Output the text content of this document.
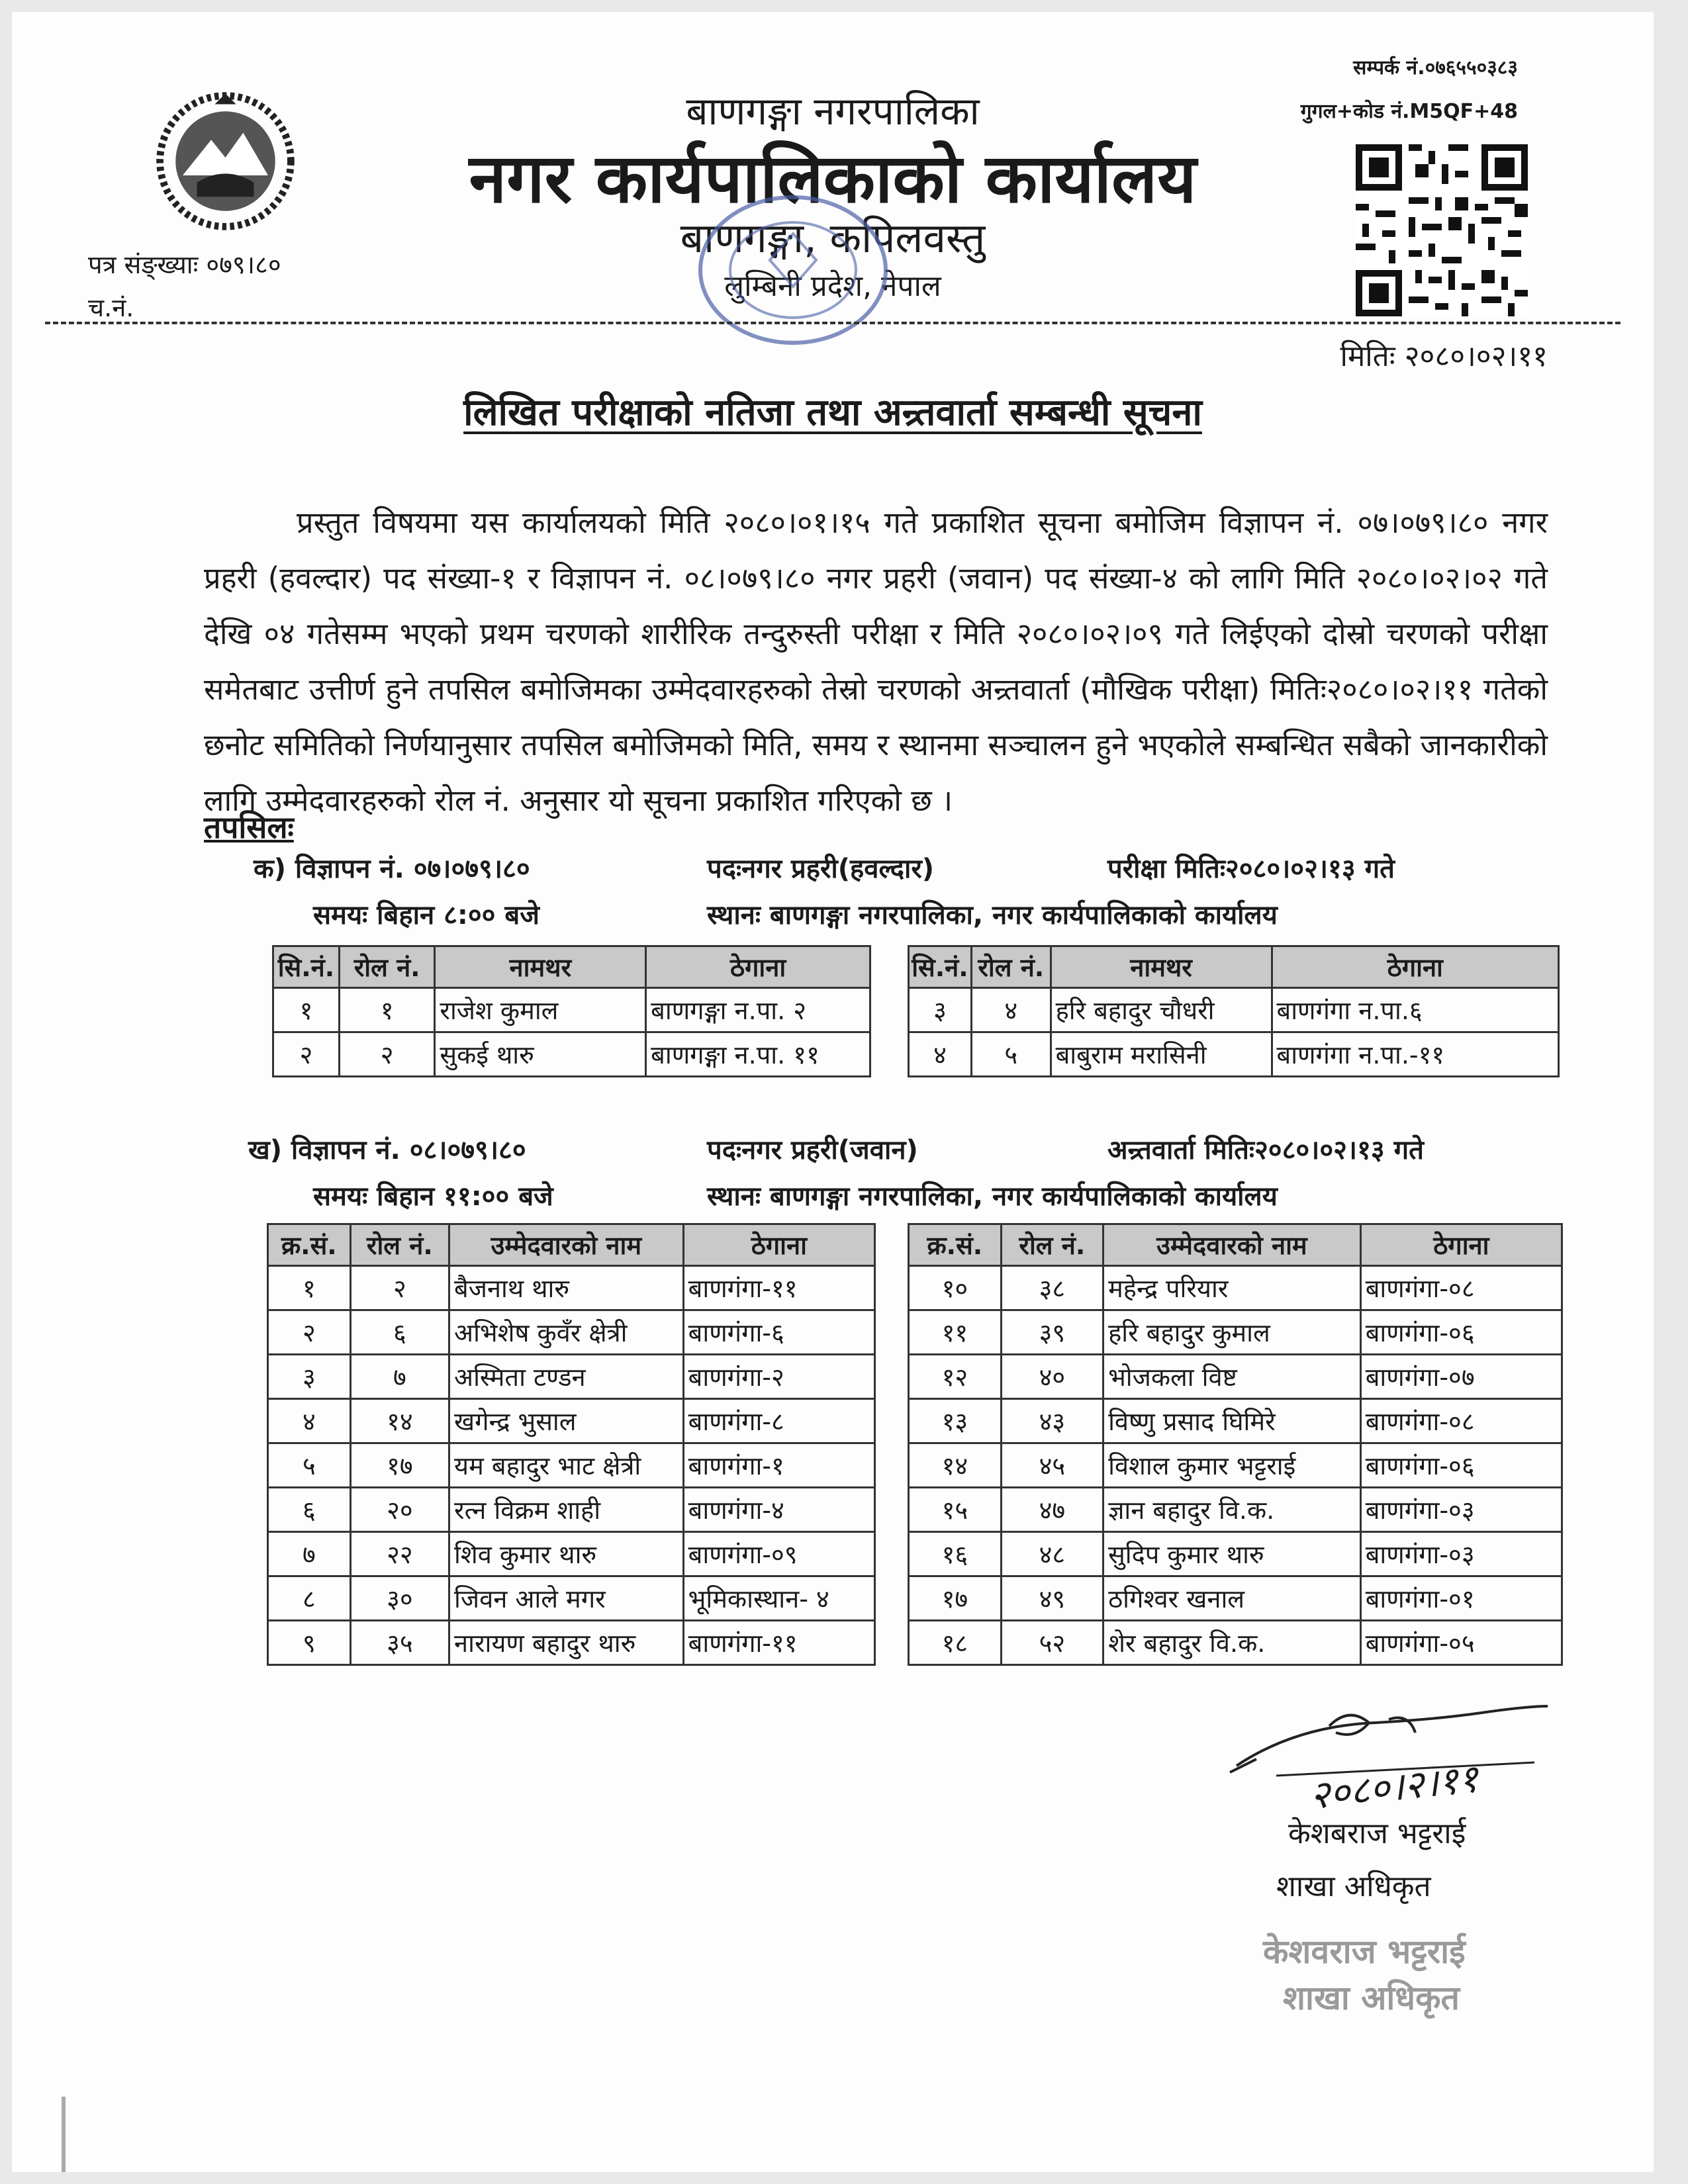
सम्पर्क नं.०७६५५०३८३
गुगल+कोड नं.M5QF+48
बाणगङ्गा नगरपालिका
नगर कार्यपालिकाको कार्यालय
बाणगङ्गा, कपिलवस्तु
लुम्बिनी प्रदेश, नेपाल
पत्र संङ्ख्याः ०७९।८०
च.नं.
मितिः २०८०।०२।११
लिखित परीक्षाको नतिजा तथा अन्र्तवार्ता सम्बन्धी सूचना
प्रस्तुत विषयमा यस कार्यालयको मिति २०८०।०१।१५ गते प्रकाशित सूचना बमोजिम विज्ञापन नं. ०७।०७९।८० नगर प्रहरी (हवल्दार) पद संख्या-१ र विज्ञापन नं. ०८।०७९।८० नगर प्रहरी (जवान) पद संख्या-४ को लागि मिति २०८०।०२।०२ गते देखि ०४ गतेसम्म भएको प्रथम चरणको शारीरिक तन्दुरुस्ती परीक्षा र मिति २०८०।०२।०९ गते लिईएको दोस्रो चरणको परीक्षा समेतबाट उत्तीर्ण हुने तपसिल बमोजिमका उम्मेदवारहरुको तेस्रो चरणको अन्र्तवार्ता (मौखिक परीक्षा) मितिः२०८०।०२।११ गतेको छनोट समितिको निर्णयानुसार तपसिल बमोजिमको मिति, समय र स्थानमा सञ्चालन हुने भएकोले सम्बन्धित सबैको जानकारीको लागि उम्मेदवारहरुको रोल नं. अनुसार यो सूचना प्रकाशित गरिएको छ ।
तपसिलः
क) विज्ञापन नं. ०७।०७९।८०	पदःनगर प्रहरी(हवल्दार)	परीक्षा मितिः२०८०।०२।१३ गते
समयः बिहान ८:०० बजे	स्थानः बाणगङ्गा नगरपालिका, नगर कार्यपालिकाको कार्यालय
सि.नं.	रोल नं.	नामथर	ठेगाना
१	१	राजेश कुमाल	बाणगङ्गा न.पा. २
२	२	सुकई थारु	बाणगङ्गा न.पा. ११
सि.नं.	रोल नं.	नामथर	ठेगाना
३	४	हरि बहादुर चौधरी	बाणगंगा न.पा.६
४	५	बाबुराम मरासिनी	बाणगंगा न.पा.-११
ख) विज्ञापन नं. ०८।०७९।८०	पदःनगर प्रहरी(जवान)	अन्र्तवार्ता मितिः२०८०।०२।१३ गते
समयः बिहान ११:०० बजे	स्थानः बाणगङ्गा नगरपालिका, नगर कार्यपालिकाको कार्यालय
क्र.सं.	रोल नं.	उम्मेदवारको नाम	ठेगाना
१	२	बैजनाथ थारु	बाणगंगा-११
२	६	अभिशेष कुवँर क्षेत्री	बाणगंगा-६
३	७	अस्मिता टण्डन	बाणगंगा-२
४	१४	खगेन्द्र भुसाल	बाणगंगा-८
५	१७	यम बहादुर भाट क्षेत्री	बाणगंगा-१
६	२०	रत्न विक्रम शाही	बाणगंगा-४
७	२२	शिव कुमार थारु	बाणगंगा-०९
८	३०	जिवन आले मगर	भूमिकास्थान- ४
९	३५	नारायण बहादुर थारु	बाणगंगा-११
क्र.सं.	रोल नं.	उम्मेदवारको नाम	ठेगाना
१०	३८	महेन्द्र परियार	बाणगंगा-०८
११	३९	हरि बहादुर कुमाल	बाणगंगा-०६
१२	४०	भोजकला विष्ट	बाणगंगा-०७
१३	४३	विष्णु प्रसाद घिमिरे	बाणगंगा-०८
१४	४५	विशाल कुमार भट्टराई	बाणगंगा-०६
१५	४७	ज्ञान बहादुर वि.क.	बाणगंगा-०३
१६	४८	सुदिप कुमार थारु	बाणगंगा-०३
१७	४९	ठगिश्वर खनाल	बाणगंगा-०१
१८	५२	शेर बहादुर वि.क.	बाणगंगा-०५
२०८०।२।११
केशबराज भट्टराई
शाखा अधिकृत
केशवराज भट्टराई
शाखा अधिकृत
